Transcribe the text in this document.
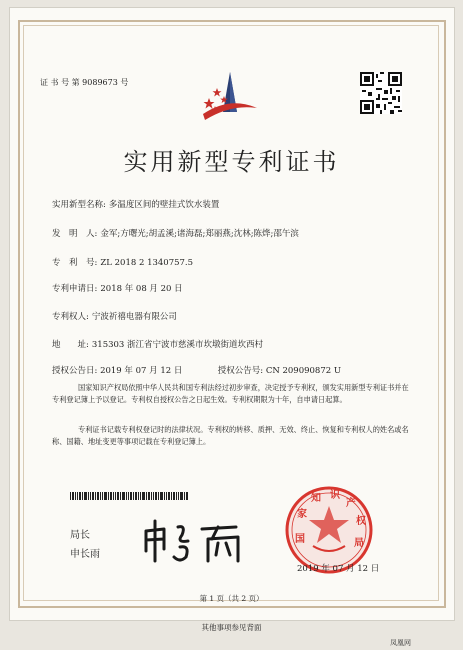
证 书 号 第 9089673 号
实用新型专利证书
实用新型名称: 多温度区间的壁挂式饮水装置
发　明　人: 金军;方曙光;胡孟溪;诸海磊;郑丽燕;沈林;陈烨;邵午滨
专　利　号: ZL 2018 2 1340757.5
专利申请日: 2018 年 08 月 20 日
专利权人: 宁波祈禧电器有限公司
地　　址: 315303 浙江省宁波市慈溪市坎墩街道坎西村
授权公告日: 2019 年 07 月 12 日	授权公告号: CN 209090872 U
国家知识产权局依照中华人民共和国专利法经过初步审查，决定授予专利权，颁发实用新型专利证书并在专利登记簿上予以登记。专利权自授权公告之日起生效。专利权期限为十年，自申请日起算。
专利证书记载专利权登记时的法律状况。专利权的转移、质押、无效、终止、恢复和专利权人的姓名或名称、国籍、地址变更等事项记载在专利登记簿上。
局长
申长雨
国
家
知 识
产
权
局
2019 年 07 月 12 日
第 1 页（共 2 页）
其他事项参见背面
凤凰网
